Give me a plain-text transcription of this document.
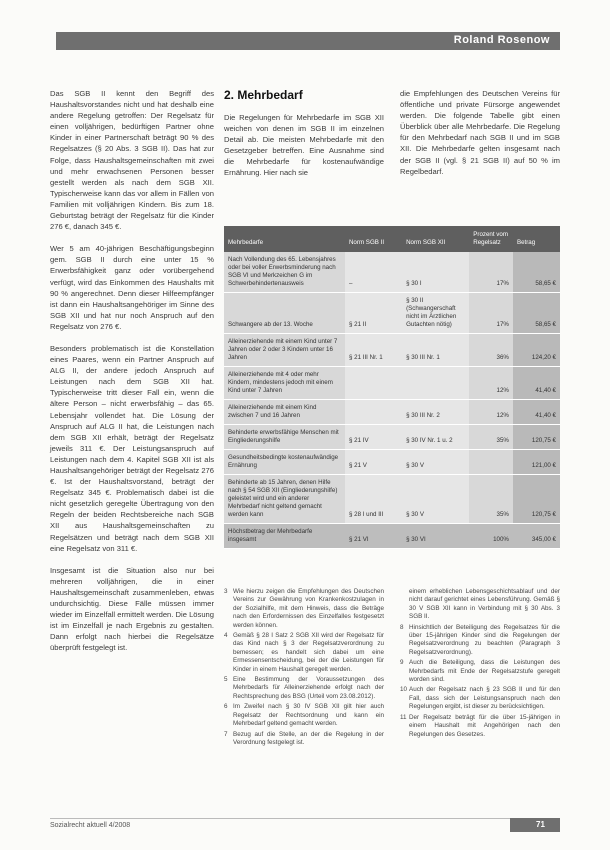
Roland Rosenow

Das SGB II kennt den Begriff des Haushaltsvorstandes nicht und hat deshalb eine andere Regelung getroffen: Der Regelsatz für einen volljährigen, bedürftigen Partner ohne Kinder in einer Partnerschaft beträgt 90 % des Regelsatzes (§ 20 Abs. 3 SGB II). Das hat zur Folge, dass Haushaltsgemeinschaften mit zwei und mehr erwachsenen Personen besser gestellt werden als nach dem SGB XII. Typischerweise kann das vor allem in Fällen von Familien mit volljährigen Kindern. Bis zum 18. Geburtstag beträgt der Regelsatz für die Kinder 276 €, danach 345 €.

Wer 5 am 40-jährigen Beschäftigungsbeginn gem. SGB II durch eine unter 15 % Erwerbsfähigkeit ganz oder vorübergehend verfügt, wird das Einkommen des Haushalts mit 90 % angerechnet. Denn dieser Hilfeempfänger ist dann ein Haushaltsangehöriger im Sinne des SGB XII und hat nur noch Anspruch auf den Regelsatz von 276 €.

Besonders problematisch ist die Konstellation eines Paares, wenn ein Partner Anspruch auf ALG II, der andere jedoch Anspruch auf Leistungen nach dem SGB XII hat. Typischerweise tritt dieser Fall ein, wenn die ältere Person – nicht erwerbsfähig – das 65. Lebensjahr vollendet hat. Die Lösung der Anspruch auf ALG II hat, die Leistungen nach dem SGB XII erhält, beträgt der Regelsatz jeweils 311 €. Der Leistungsanspruch auf Leistungen nach dem 4. Kapitel SGB XII ist als Haushaltsangehöriger beträgt der Regelsatz 276 €. Ist der Haushaltsvorstand, beträgt der Regelsatz 345 €. Problematisch dabei ist die nicht gesetzlich geregelte Übertragung von den Regeln der beiden Rechtsbereiche nach SGB XII aus Haushaltsgemeinschaften zu Regelsätzen und beträgt nach dem SGB XII eine Regelsatz von 311 €.

Insgesamt ist die Situation also nur bei mehreren volljährigen, die in einer Haushaltsgemeinschaft zusammenleben, etwas undurchsichtig. Diese Fälle müssen immer wieder im Einzelfall ermittelt werden. Die Lösung ist im Einzelfall je nach Ergebnis zu gestalten. Dann erfolgt nach hierbei die Regelsätze überprüft festgelegt ist.

2. Mehrbedarf

Die Regelungen für Mehrbedarfe im SGB XII weichen von denen im SGB II im einzelnen Detail ab. Die meisten Mehrbedarfe mit den Gesetzgeber betreffen. Eine Ausnahme sind die Mehrbedarfe für kostenaufwändige Ernährung. Hier nach sie

die Empfehlungen des Deutschen Vereins für öffentliche und private Fürsorge angewendet werden. Die folgende Tabelle gibt einen Überblick über alle Mehrbedarfe. Die Regelung für den Mehrbedarf nach SGB II und im SGB XII. Die Mehrbedarfe gelten insgesamt nach der SGB II (vgl. § 21 SGB II) auf 50 % im Regelbedarf.

Mehrbedarfe	Norm SGB II	Norm SGB XII	Prozent vom Regelsatz	Betrag
Nach Vollendung des 65. Lebensjahres oder bei voller Erwerbsminderung nach SGB VI und Merkzeichen G im Schwerbehindertenausweis	–	§ 30 I	17%	58,65 €
Schwangere ab der 13. Woche	§ 21 II	§ 30 II (Schwangerschaft nicht im Ärztlichen Gutachten nötig)	17%	58,65 €
Alleinerziehende mit einem Kind unter 7 Jahren oder 2 oder 3 Kindern unter 16 Jahren	§ 21 III Nr. 1	§ 30 III Nr. 1	36%	124,20 €
Alleinerziehende mit 4 oder mehr Kindern, mindestens jedoch mit einem Kind unter 7 Jahren			12%	41,40 €
Alleinerziehende mit einem Kind zwischen 7 und 16 Jahren		§ 30 III Nr. 2	12%	41,40 €
Behinderte erwerbsfähige Menschen mit Eingliederungshilfe	§ 21 IV	§ 30 IV Nr. 1 u. 2	35%	120,75 €
Gesundheitsbedingte kostenaufwändige Ernährung	§ 21 V	§ 30 V		121,00 €
Behinderte ab 15 Jahren, denen Hilfe nach § 54 SGB XII (Eingliederungshilfe) geleistet wird und ein anderer Mehrbedarf nicht geltend gemacht werden kann	§ 28 I und III	§ 30 V	35%	120,75 €
Höchstbetrag der Mehrbedarfe insgesamt	§ 21 VI	§ 30 VI	100%	345,00 €
3 Wie hierzu zeigen die Empfehlungen des Deutschen Vereins zur Gewährung von Krankenkostzulagen in der Sozialhilfe, mit dem Hinweis, dass die Beträge nach den Erfordernissen des Einzelfalles festgesetzt werden können.
4 Gemäß § 28 I Satz 2 SGB XII wird der Regelsatz für das Kind nach § 3 der Regelsatzverordnung zu bemessen; es handelt sich dabei um eine Ermessensentscheidung, bei der die Leistungen für Kinder in einem Haushalt geregelt werden.
5 Eine Bestimmung der Voraussetzungen des Mehrbedarfs für Alleinerziehende erfolgt nach der Rechtsprechung des BSG (Urteil vom 23.08.2012).
6 Im Zweifel nach § 30 IV SGB XII gilt hier auch Regelsatz der Rechtsordnung und kann ein Mehrbedarf geltend gemacht werden.
7 Bezug auf die Stelle, an der die Regelung in der Verordnung festgelegt ist.
einem erheblichen Lebensgeschichtsablauf und der nicht darauf gerichtet eines Lebensführung. Gemäß § 30 V SGB XII kann in Verbindung mit § 30 Abs. 3 SGB II.
8 Hinsichtlich der Beteiligung des Regelsatzes für die über 15-jährigen Kinder sind die Regelungen der Regelsatzverordnung zu beachten (Paragraph 3 Regelsatzverordnung).
9 Auch die Beteiligung, dass die Leistungen des Mehrbedarfs mit Ende der Regelsatzstufe geregelt worden sind.
10 Auch der Regelsatz nach § 23 SGB II und für den Fall, dass sich der Leistungsanspruch nach den Regelungen ergibt, ist dieser zu berücksichtigen.
11 Der Regelsatz beträgt für die über 15-jährigen in einem Haushalt mit Angehörigen nach den Regelungen des Gesetzes.
Sozialrecht aktuell 4/2008	71
